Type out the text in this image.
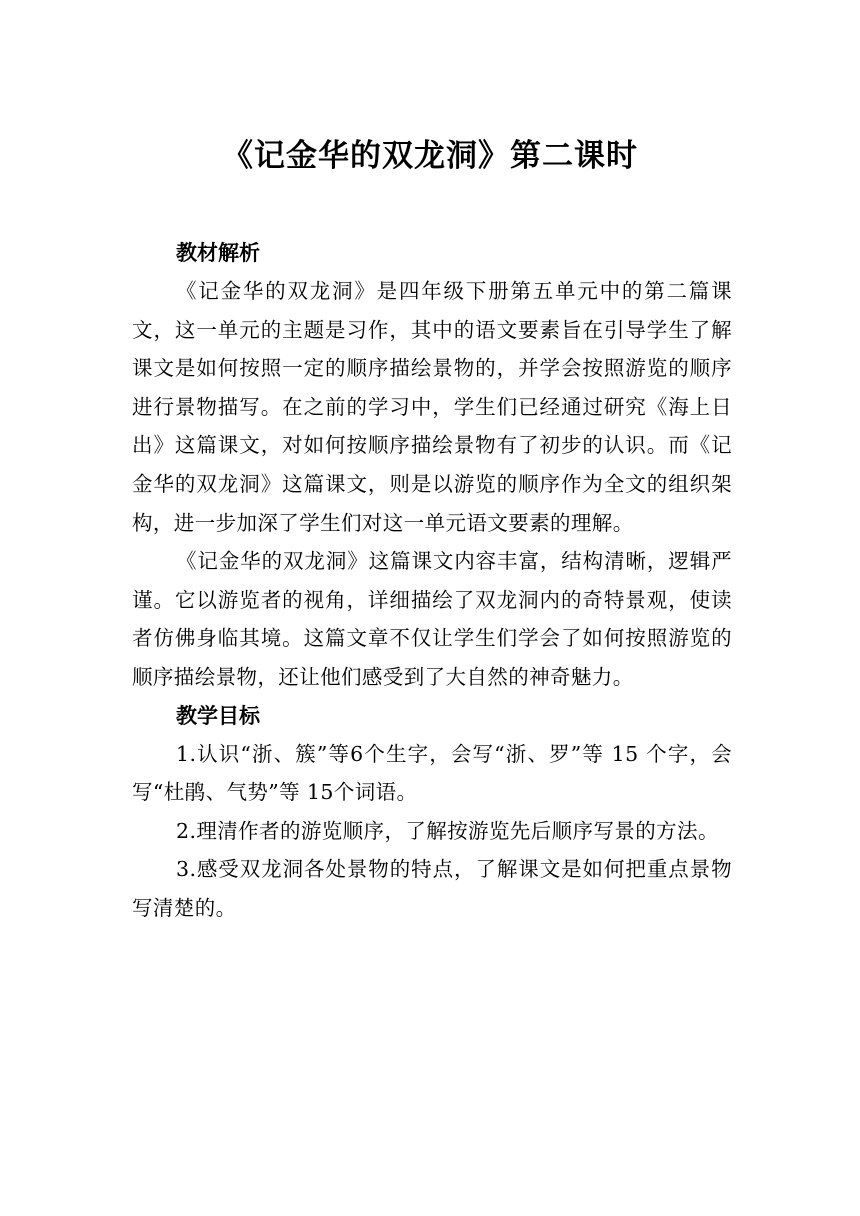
《记金华的双龙洞》第二课时
教材解析

《记金华的双龙洞》是四年级下册第五单元中的第二篇课文，这一单元的主题是习作，其中的语文要素旨在引导学生了解课文是如何按照一定的顺序描绘景物的，并学会按照游览的顺序进行景物描写。在之前的学习中，学生们已经通过研究《海上日出》这篇课文，对如何按顺序描绘景物有了初步的认识。而《记金华的双龙洞》这篇课文，则是以游览的顺序作为全文的组织架构，进一步加深了学生们对这一单元语文要素的理解。

《记金华的双龙洞》这篇课文内容丰富，结构清晰，逻辑严谨。它以游览者的视角，详细描绘了双龙洞内的奇特景观，使读者仿佛身临其境。这篇文章不仅让学生们学会了如何按照游览的顺序描绘景物，还让他们感受到了大自然的神奇魅力。

教学目标

1.认识“浙、簇”等6个生字，会写“浙、罗”等 15 个字，会写“杜鹃、气势”等 15个词语。

2.理清作者的游览顺序，了解按游览先后顺序写景的方法。

3.感受双龙洞各处景物的特点，了解课文是如何把重点景物写清楚的。
